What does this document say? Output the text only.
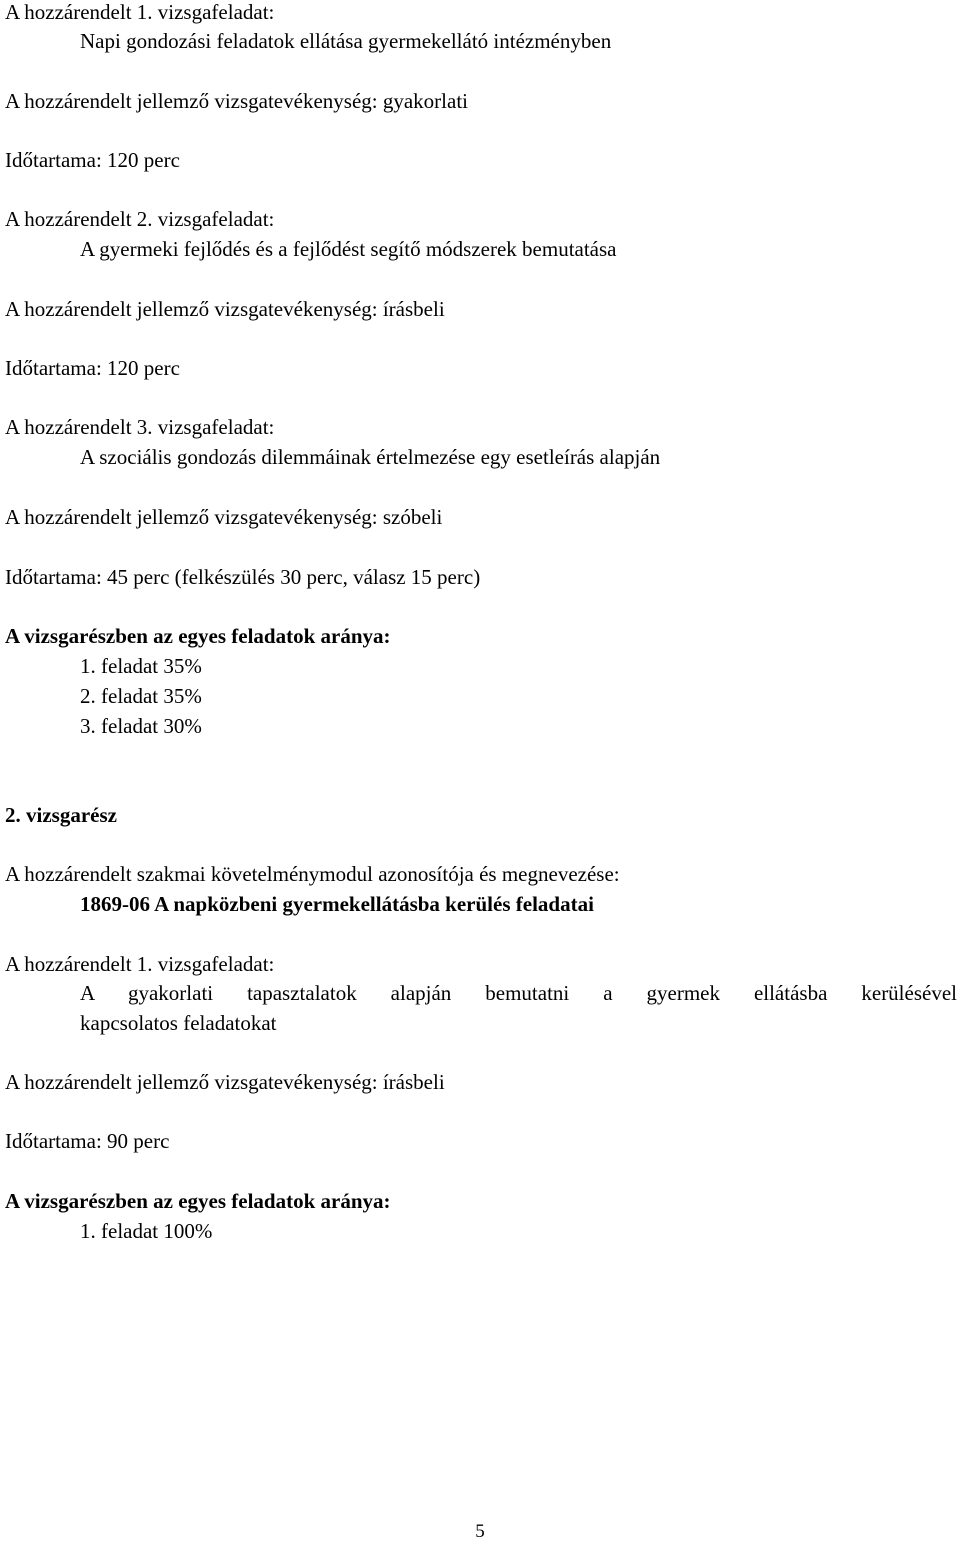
A hozzárendelt 1. vizsgafeladat:
Napi gondozási feladatok ellátása gyermekellátó intézményben
A hozzárendelt jellemző vizsgatevékenység: gyakorlati
Időtartama: 120 perc
A hozzárendelt 2. vizsgafeladat:
A gyermeki fejlődés és a fejlődést segítő módszerek bemutatása
A hozzárendelt jellemző vizsgatevékenység: írásbeli
Időtartama: 120 perc
A hozzárendelt 3. vizsgafeladat:
A szociális gondozás dilemmáinak értelmezése egy esetleírás alapján
A hozzárendelt jellemző vizsgatevékenység: szóbeli
Időtartama: 45 perc (felkészülés 30 perc, válasz 15 perc)
A vizsgarészben az egyes feladatok aránya:
1. feladat 35%
2. feladat 35%
3. feladat 30%
2. vizsgarész
A hozzárendelt szakmai követelménymodul azonosítója és megnevezése:
1869-06 A napközbeni gyermekellátásba kerülés feladatai
A hozzárendelt 1. vizsgafeladat:
A gyakorlati tapasztalatok alapján bemutatni a gyermek ellátásba kerülésével
kapcsolatos feladatokat
A hozzárendelt jellemző vizsgatevékenység: írásbeli
Időtartama: 90 perc
A vizsgarészben az egyes feladatok aránya:
1. feladat 100%
5
